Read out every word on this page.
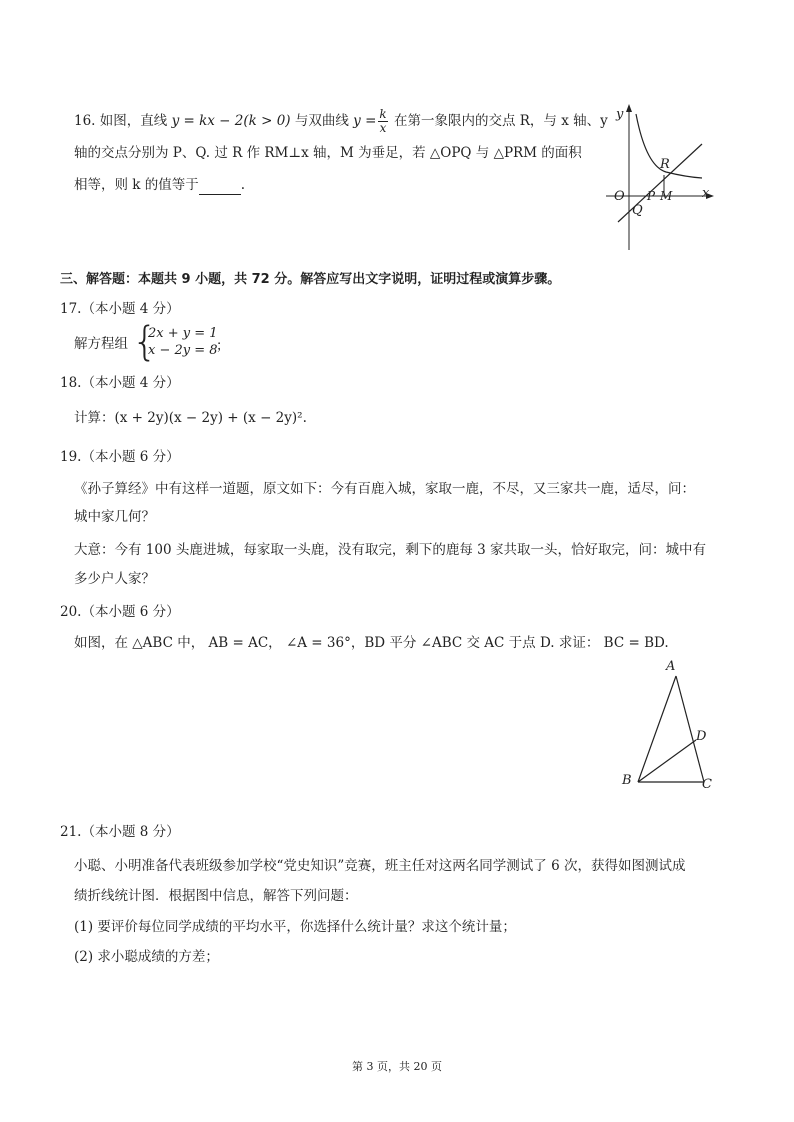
16. 如图，直线 y = kx − 2(k > 0) 与双曲线 $y = \frac{k}{x}$ 在第一象限内的交点 R，与 x 轴、y
轴的交点分别为 P、Q. 过 R 作 RM⊥x 轴，M 为垂足，若 △OPQ 与 △PRM 的面积
相等，则 k 的值等于	.
y
x
O
Q
P M
R
三、解答题：本题共 9 小题，共 72 分。解答应写出文字说明，证明过程或演算步骤。
17.（本小题 4 分）
解方程组 {
2x + y = 1
x − 2y = 8
；
18.（本小题 4 分）
计算：(x + 2y)(x − 2y) + (x − 2y)².
19.（本小题 6 分）
《孙子算经》中有这样一道题，原文如下：今有百鹿入城，家取一鹿，不尽，又三家共一鹿，适尽，问：
城中家几何？
大意：今有 100 头鹿进城，每家取一头鹿，没有取完，剩下的鹿每 3 家共取一头，恰好取完，问：城中有
多少户人家？
20.（本小题 6 分）
如图，在 △ABC 中， AB = AC， ∠A = 36°，BD 平分 ∠ABC 交 AC 于点 D. 求证： BC = BD.
A
B	C
D
21.（本小题 8 分）
小聪、小明准备代表班级参加学校“党史知识”竞赛，班主任对这两名同学测试了 6 次，获得如图测试成
绩折线统计图．根据图中信息，解答下列问题：
(1) 要评价每位同学成绩的平均水平，你选择什么统计量？求这个统计量；
(2) 求小聪成绩的方差；
第 3 页，共 20 页
